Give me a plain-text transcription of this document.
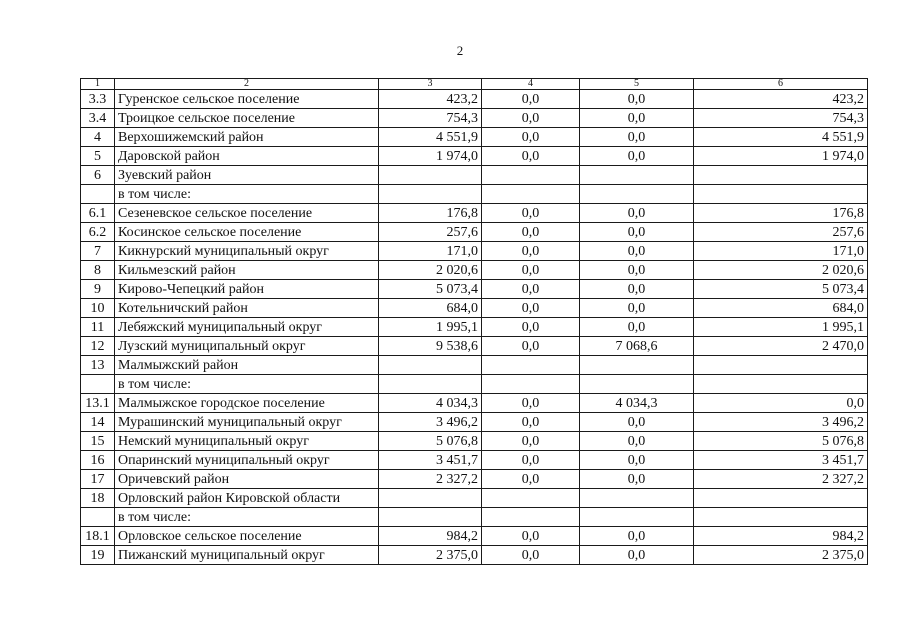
2
1	2	3	4	5	6
3.3	Гуренское сельское поселение	423,2	0,0	0,0	423,2
3.4	Троицкое сельское поселение	754,3	0,0	0,0	754,3
4	Верхошижемский район	4 551,9	0,0	0,0	4 551,9
5	Даровской район	1 974,0	0,0	0,0	1 974,0
6	Зуевский район				
	в том числе:				
6.1	Сезеневское сельское поселение	176,8	0,0	0,0	176,8
6.2	Косинское сельское поселение	257,6	0,0	0,0	257,6
7	Кикнурский муниципальный округ	171,0	0,0	0,0	171,0
8	Кильмезский район	2 020,6	0,0	0,0	2 020,6
9	Кирово-Чепецкий район	5 073,4	0,0	0,0	5 073,4
10	Котельничский район	684,0	0,0	0,0	684,0
11	Лебяжский муниципальный округ	1 995,1	0,0	0,0	1 995,1
12	Лузский муниципальный округ	9 538,6	0,0	7 068,6	2 470,0
13	Малмыжский район				
	в том числе:				
13.1	Малмыжское городское поселение	4 034,3	0,0	4 034,3	0,0
14	Мурашинский муниципальный округ	3 496,2	0,0	0,0	3 496,2
15	Немский муниципальный округ	5 076,8	0,0	0,0	5 076,8
16	Опаринский муниципальный округ	3 451,7	0,0	0,0	3 451,7
17	Оричевский район	2 327,2	0,0	0,0	2 327,2
18	Орловский район Кировской области				
	в том числе:				
18.1	Орловское сельское поселение	984,2	0,0	0,0	984,2
19	Пижанский муниципальный округ	2 375,0	0,0	0,0	2 375,0
